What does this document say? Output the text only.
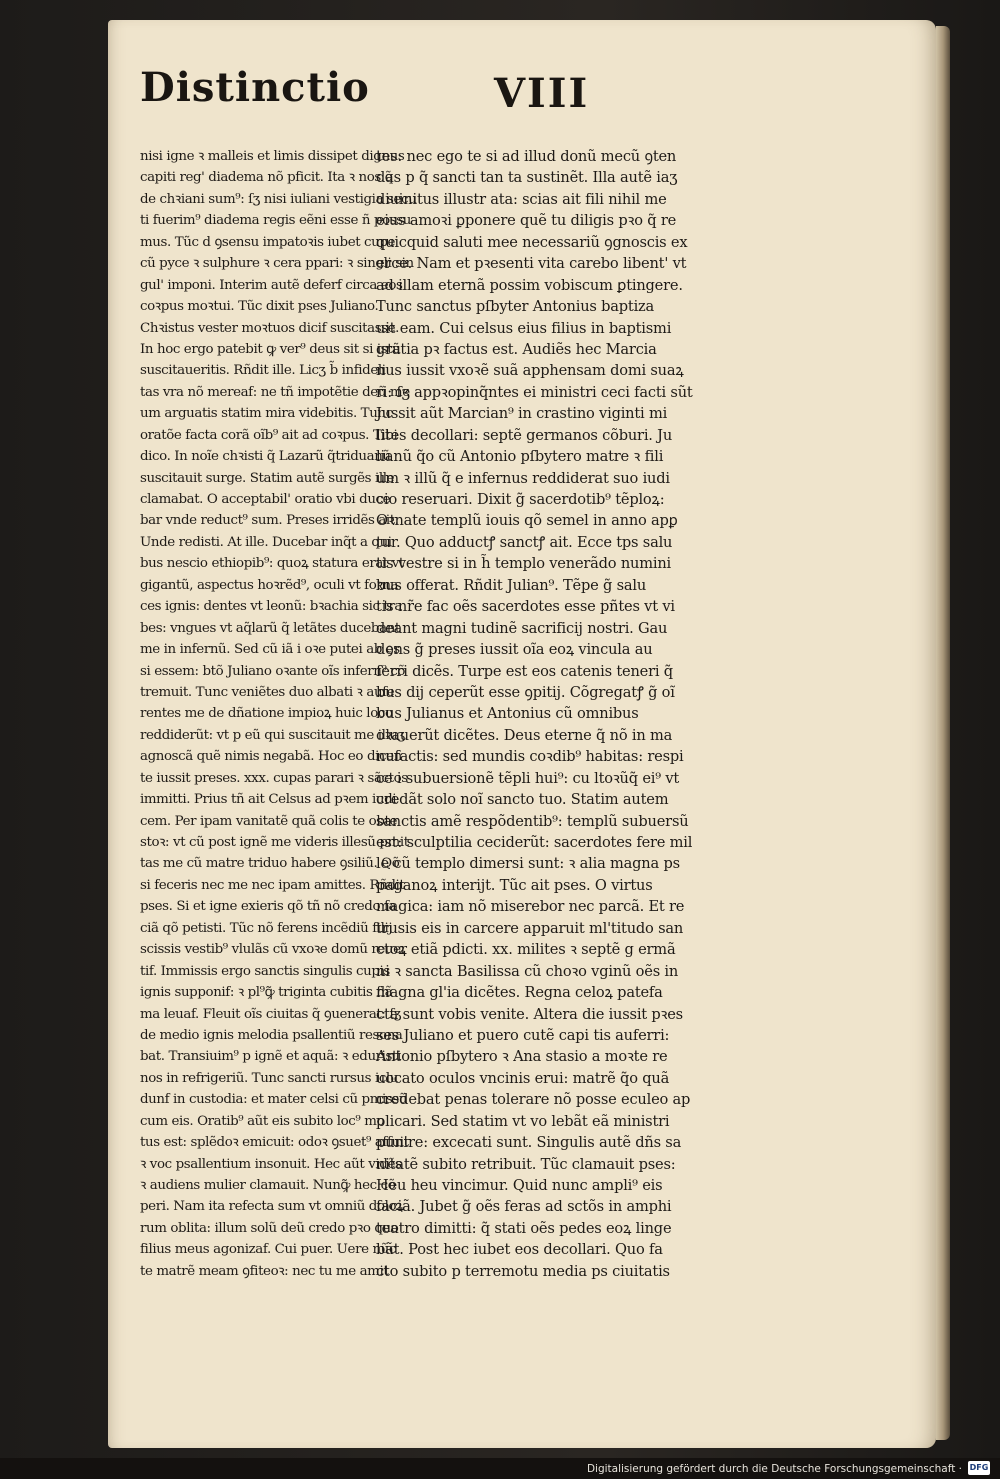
Distinctio	VIII
nisi igne ꝛ malleis et limis dissipet dignus
capiti reg' diadema nõ pficit. Ita ꝛ nos q̃
de chꝛiani sum⁹: ſʒ nisi iuliani vestigia secu
ti fuerim⁹ diadema regis eẽni esse ñ possu
mus. Tũc d ꝯsensu impatoꝛis iubet cupe
cũ pyce ꝛ sulphure ꝛ cera ppari: ꝛ singli sin
gul' imponi. Interim autẽ deferf circa eos
coꝛpus moꝛtui. Tũc dixit pses Juliano.
Chꝛistus vester moꝛtuos dicif suscitasse.
In hoc ergo patebit ꝙ ver⁹ deus sit si istũ
suscitaueritis. Rñdit ille. Licʒ b̃ infideli
tas vra nõ mereaf: ne tñ impotẽtie deũ me
um arguatis statim mira videbitis. Tunc
oratõe facta corã oĩb⁹ ait ad coꝛpus. Tibi
dico. In noĩe chꝛisti q̃ Lazarũ q̃triduanũ
suscitauit surge. Statim autẽ surgẽs ille
clamabat. O acceptabil' oratio vbi duce
bar vnde reduct⁹ sum. Preses irridẽs ait.
Unde redisti. At ille. Ducebar inq̃t a qui
bus nescio ethiopib⁹: quoꝝ statura erat vt
gigantũ, aspectus hoꝛrẽd⁹, oculi vt foꝛna
ces ignis: dentes vt leonũ: bꝛachia sic tra
bes: vngues vt aq̃larũ q̃ letãtes ducebant
me in infernũ. Sed cũ iã i oꝛe putei ab ꝯs
si essem: btõ Juliano oꝛante oĩs infern⁹ cõ
tremuit. Tunc veniẽtes duo albati ꝛ aufe
rentes me de dñatione impioꝝ huic loco
reddiderũt: vt p eũ qui suscitauit me illuʒ
agnoscã quẽ nimis negabã. Hoc eo dicen
te iussit preses. xxx. cupas parari ꝛ sãctos
immitti. Prius tñ ait Celsus ad pꝛem iudi
cem. Per ipam vanitatẽ quã colis te obte
stoꝛ: vt cũ post ignẽ me videris illesũ pmit
tas me cũ matre triduo habere ꝯsiliũ. Qõ
si feceris nec me nec ipam amittes. Rñdit
pses. Si et igne exieris qõ tñ nõ credo fa
ciã qõ petisti. Tũc nõ ferens incẽdiũ filij
scissis vestib⁹ vlulãs cũ vxoꝛe domũ reuer
tif. Immissis ergo sanctis singulis cupis
ignis supponif: ꝛ pl⁹ꝙ̃ triginta cubitis flã
ma leuaf. Fleuit oĩs ciuitas q̃ ꝯuenerat: ſʒ
de medio ignis melodia psallentiũ resona
bat. Transiuim⁹ p ignẽ et aquã: ꝛ eduristi
nos in refrigeriũ. Tunc sancti rursus iclu
dunf in custodia: et mater celsi cũ pmissũ
cum eis. Oratib⁹ aũt eis subito loc⁹ mo
tus est: splẽdoꝛ emicuit: odoꝛ ꝯsuet⁹ affuit
ꝛ voc psallentium insonuit. Hec aũt vidẽs
ꝛ audiens mulier clamauit. Nunꝙ̃ hec cõ
peri. Nam ita refecta sum vt omniũ doloꝝ
rum oblita: illum solũ deũ credo pꝛo quo
filius meus agonizaf. Cui puer. Uere nũc
te matrẽ meam ꝯfiteoꝛ: nec tu me amit
tes: nec ego te si ad illud donũ mecũ ꝯten
das p q̃ sancti tan ta sustinẽt. Illa autẽ iaʒ
diuinitus illustr ata: scias ait fili nihil me
eius amoꝛi ꝑponere quẽ tu diligis pꝛo q̃ re
quicquid saluti mee necessariũ ꝯgnoscis ex
erce. Nam et pꝛesenti vita carebo libent' vt
ad illam eternã possim vobiscum ꝑtingere.
Tunc sanctus pſbyter Antonius baptiza
uit eam. Cui celsus eius filius in baptismi
gratia pꝛ factus est. Audiẽs hec Marcia
nus iussit vxoꝛẽ suã apphensam domi suaꝝ
ri: ſʒ appꝛopinq̃ntes ei ministri ceci facti sũt
Jussit aũt Marcian⁹ in crastino viginti mi
lites decollari: septẽ germanos cõburi. Ju
lianũ q̃o cũ Antonio pſbytero matre ꝛ fili
um ꝛ illũ q̃ e infernus reddiderat suo iudi
cio reseruari. Dixit g̃ sacerdotib⁹ tẽploꝝ:
Oꝛnate templũ iouis qõ semel in anno apꝑ
tur. Quo adductꝭ sanctꝭ ait. Ecce tps salu
tis vestre si in h̃ templo venerãdo numini
bus offerat. Rñdit Julian⁹. Tẽpe g̃ salu
tis nr̃e fac oẽs sacerdotes esse pñtes vt vi
deant magni tudinẽ sacrificij nostri. Gau
dens g̃ preses iussit oĩa eoꝝ vincula au
ferri dicẽs. Turpe est eos catenis teneri q̃
bus dij ceperũt esse ꝯpitij. Cõgregatꝭ g̃ oĩ
bus Julianus et Antonius cũ omnibus
oꝛauerũt dicẽtes. Deus eterne q̃ nõ in ma
nufactis: sed mundis coꝛdib⁹ habitas: respi
ce i subuersionẽ tẽpli hui⁹: cu ltoꝛũq̃ ei⁹ vt
credãt solo noĩ sancto tuo. Statim autem
sanctis amẽ respõdentib⁹: templũ subuersũ
est: sculptilia ceciderũt: sacerdotes fere mil
le cũ templo dimersi sunt: ꝛ alia magna ps
paganoꝝ interijt. Tũc ait pses. O virtus
magica: iam nõ miserebor nec parcã. Et re
trusis eis in carcere apparuit ml'titudo san
ctoꝝ etiã pdicti. xx. milites ꝛ septẽ g ermã
ni ꝛ sancta Basilissa cũ choꝛo vginũ oẽs in
magna gl'ia dicẽtes. Regna celoꝝ patefa
cta sunt vobis venite. Altera die iussit pꝛes
ses Juliano et puero cutẽ capi tis auferri:
Antonio pſbytero ꝛ Ana stasio a moꝛte re
uocato oculos vncinis erui: matrẽ q̃o quã
credebat penas tolerare nõ posse eculeo ap
plicari. Sed statim vt vo lebãt eã ministri
punire: excecati sunt. Singulis autẽ dñs sa
nitatẽ subito retribuit. Tũc clamauit pses:
Heu heu vincimur. Quid nunc ampli⁹ eis
faciã. Jubet g̃ oẽs feras ad sctõs in amphi
teatro dimitti: q̃ stati oẽs pedes eoꝝ linge
bãt. Post hec iubet eos decollari. Quo fa
cto subito p terremotu media ps ciuitatis
Digitalisierung gefördert durch die Deutsche Forschungsgemeinschaft · DFG
